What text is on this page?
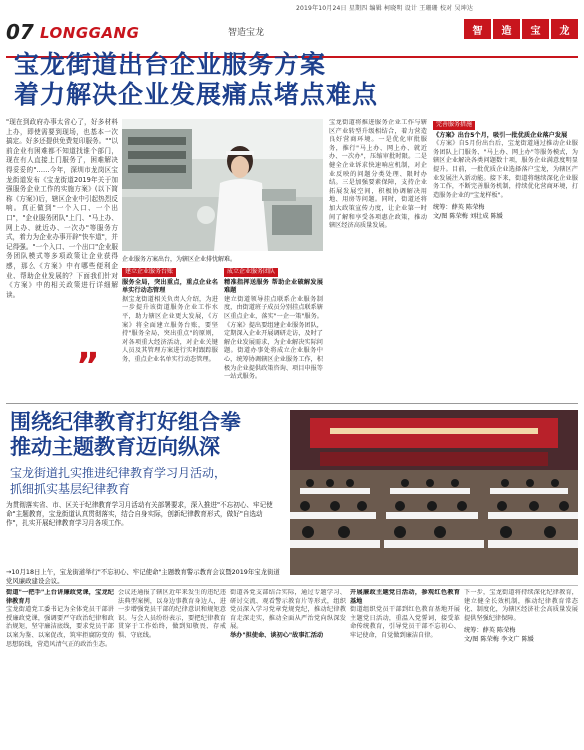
2019年10月24日 星期四 编辑 柯晓明 设计 王珊珊 校对 吴坤达
07 LONGGANG	智造宝龙	智	造	宝	龙
宝龙街道出台企业服务方案
着力解决企业发展痛点堵点难点
"现在到政府办事太省心了，好多材料上办，即使需要到现场，也基本一次搞定。好多还提供免费复印服务。""以前企业有困难都不知道找谁个部门，现在有人直接上门服务了，困难解决得妥妥的"……今年，深圳市龙岗区宝龙街道发布《宝龙街道2019年关于加强服务企业工作的实施方案》(以下简称《方案》)后，辖区企业中引起热烈反响。真正做到"一个入口、一个出口"，"企业服务团队"上门、"马上办、网上办、就近办、一次办"等服务方式，着力为企业办事开辟"快车道"，并记得强。"一个入口、一个出口"企业服务团队模式等多项政策让企业获得感，那么《方案》中有哪些便利企业、帮助企业发展的？下面我们针对《方案》中的相关政策进行详细解读。
”
企业服务方案出台，为辖区企业排忧解难。
建立企业服务台账
服务全局，突出重点，重点企业名单实行动态管理
据宝龙街道相关负责人介绍，为进一步提升该街道服务企业工作水平，助力辖区企业更大发展，《方案》将全面建立服务台账，要坚持"服务全局，突出重点"的原则，对各项重大经济活动，对企业关键人员及其管理方案进行实时跟踪服务，重点企业名单实行动态管理。
成立企业服务团队
精准指挥送服务 帮助企业破解发展难题
建立街道领导挂点联系企业服务制度，由街道班子成员分别挂点联系辖区重点企业，落实"一企一策"服务。《方案》提出要组建企业服务团队，定期深入企业开展调研走访，及时了解企业发展需求，为企业解决实际问题。街道办事处将成立企业服务中心，统筹协调辖区企业服务工作，积极为企业提供政策咨询、项目申报等一站式服务。
宝龙街道将推进服务企业工作与辖区产业转型升级相结合，着力营造良好营商环境。一是优化审批服务，推行"马上办、网上办、就近办、一次办"，压缩审批时限。二是健全企业诉求快速响应机制，对企业反映的问题分类处理、限时办结。三是加强要素保障，支持企业拓展发展空间，积极协调解决用地、用房等问题。同时，街道还将加大政策宣传力度，让企业第一时间了解和享受各项惠企政策，推动辖区经济高质量发展。
完善服务措施
《方案》出台5个月，吸引一批优质企业落户发展
《方案》自5月份出台后，宝龙街道通过推动企业服务团队上门服务、"马上办、网上办"等服务模式，为辖区企业解决各类问题数十项，服务企业满意度明显提升。目前，一批优质企业选择落户宝龙，为辖区产业发展注入新动能。接下来，街道将继续深化企业服务工作，不断完善服务机制，持续优化营商环境，打造服务企业的"宝龙样板"。
统筹：薛英 陈荣梅
文/图 陈荣梅 刘壮成 陈媛
围绕纪律教育打好组合拳
推动主题教育迈向纵深
宝龙街道扎实推进纪律教育学习月活动，
抓细抓实基层纪律教育
为贯彻落实省、市、区关于纪律教育学习月活动有关部署要求，深入推进"不忘初心、牢记使命"主题教育，宝龙街道认真贯彻落实，结合自身实际，创新纪律教育形式，做好"自选动作"，扎实开展纪律教育学习月各项工作。
→10月18日上午，宝龙街道举行"不忘初心、牢记使命"主题教育警示教育会议暨2019年宝龙街道党风廉政建设会议。
街道"一把手"上台讲廉政党课，宝龙纪律教育月
宝龙街道党工委书记为全体党员干部讲授廉政党课，强调要严守政治纪律和政治规矩，坚守廉洁底线，要求党员干部以案为鉴、以案促改，筑牢拒腐防变的思想防线，营造风清气正的政治生态。
会议还通报了辖区近年来发生的违纪违法典型案例，以身边事教育身边人，进一步增强党员干部的纪律意识和规矩意识。与会人员纷纷表示，要把纪律教育贯穿于工作始终，做到知敬畏、存戒惧、守底线。
街道各党支部结合实际，通过专题学习、研讨交流、观看警示教育片等形式，组织党员深入学习党章党规党纪，推动纪律教育走深走实，推动全面从严治党向纵深发展。
举办"担使命、谈初心"故事汇活动
开展廉政主题党日活动，参观红色教育基地
街道组织党员干部到红色教育基地开展主题党日活动，重温入党誓词，接受革命传统教育，引导党员干部不忘初心、牢记使命，自觉做到廉洁自律。
下一步，宝龙街道将持续深化纪律教育，建立健全长效机制，推动纪律教育常态化、制度化，为辖区经济社会高质量发展提供坚强纪律保障。
统筹：薛英 陈荣梅
文/图 陈荣梅 李文广 陈媛
